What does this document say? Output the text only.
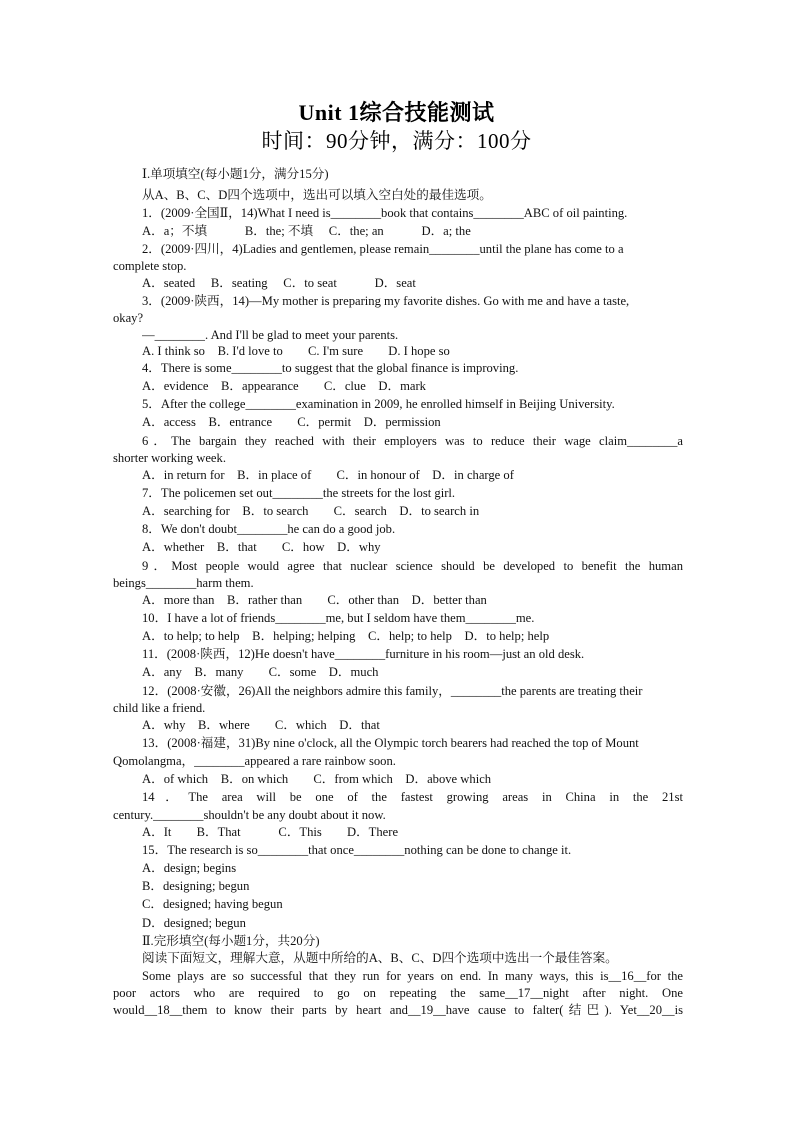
Unit 1综合技能测试
时间：90分钟，满分：100分
Ⅰ.单项填空(每小题1分，满分15分)
从A、B、C、D四个选项中，选出可以填入空白处的最佳选项。
1．(2009·全国Ⅱ，14)What I need is________book that contains________ABC of oil painting.
A．a；不填　　　B．the; 不填　 C．the; an　　　D．a; the
2．(2009·四川，4)Ladies and gentlemen, please remain________until the plane has come to a
complete stop.
A．seated　 B．seating　 C．to seat　　　D．seat
3．(2009·陕西，14)—My mother is preparing my favorite dishes. Go with me and have a taste,
okay?
—________. And I'll be glad to meet your parents.
A. I think so　B. I'd love to　　C. I'm sure　　D. I hope so
4．There is some________to suggest that the global finance is improving.
A．evidence　B．appearance　　C．clue　D．mark
5．After the college________examination in 2009, he enrolled himself in Beijing University.
A．access　B．entrance　　C．permit　D．permission
6．The bargain they reached with their employers was to reduce their wage claim________a
shorter working week.
A．in return for　B．in place of　　C．in honour of　D．in charge of
7．The policemen set out________the streets for the lost girl.
A．searching for　B．to search　　C．search　D．to search in
8．We don't doubt________he can do a good job.
A．whether　B．that　　C．how　D．why
9．Most people would agree that nuclear science should be developed to benefit the human
beings________harm them.
A．more than　B．rather than　　C．other than　D．better than
10．I have a lot of friends________me, but I seldom have them________me.
A．to help; to help　B．helping; helping　C．help; to help　D．to help; help
11．(2008·陕西，12)He doesn't have________furniture in his room—just an old desk.
A．any　B．many　　C．some　D．much
12．(2008·安徽，26)All the neighbors admire this family，________the parents are treating their
child like a friend.
A．why　B．where　　C．which　D．that
13．(2008·福建，31)By nine o'clock, all the Olympic torch bearers had reached the top of Mount
Qomolangma，________appeared a rare rainbow soon.
A．of which　B．on which　　C．from which　D．above which
14．The area will be one of the fastest growing areas in China in the 21st
century.________shouldn't be any doubt about it now.
A．It　　B．That　　　C．This　　D．There
15．The research is so________that once________nothing can be done to change it.
A．design; begins
B．designing; begun
C．designed; having begun
D．designed; begun
Ⅱ.完形填空(每小题1分，共20分)
阅读下面短文，理解大意，从题中所给的A、B、C、D四个选项中选出一个最佳答案。
Some plays are so successful that they run for years on end. In many ways, this is__16__for the
poor actors who are required to go on repeating the same__17__night after night. One
would__18__them to know their parts by heart and__19__have cause to falter(结巴). Yet__20__is
